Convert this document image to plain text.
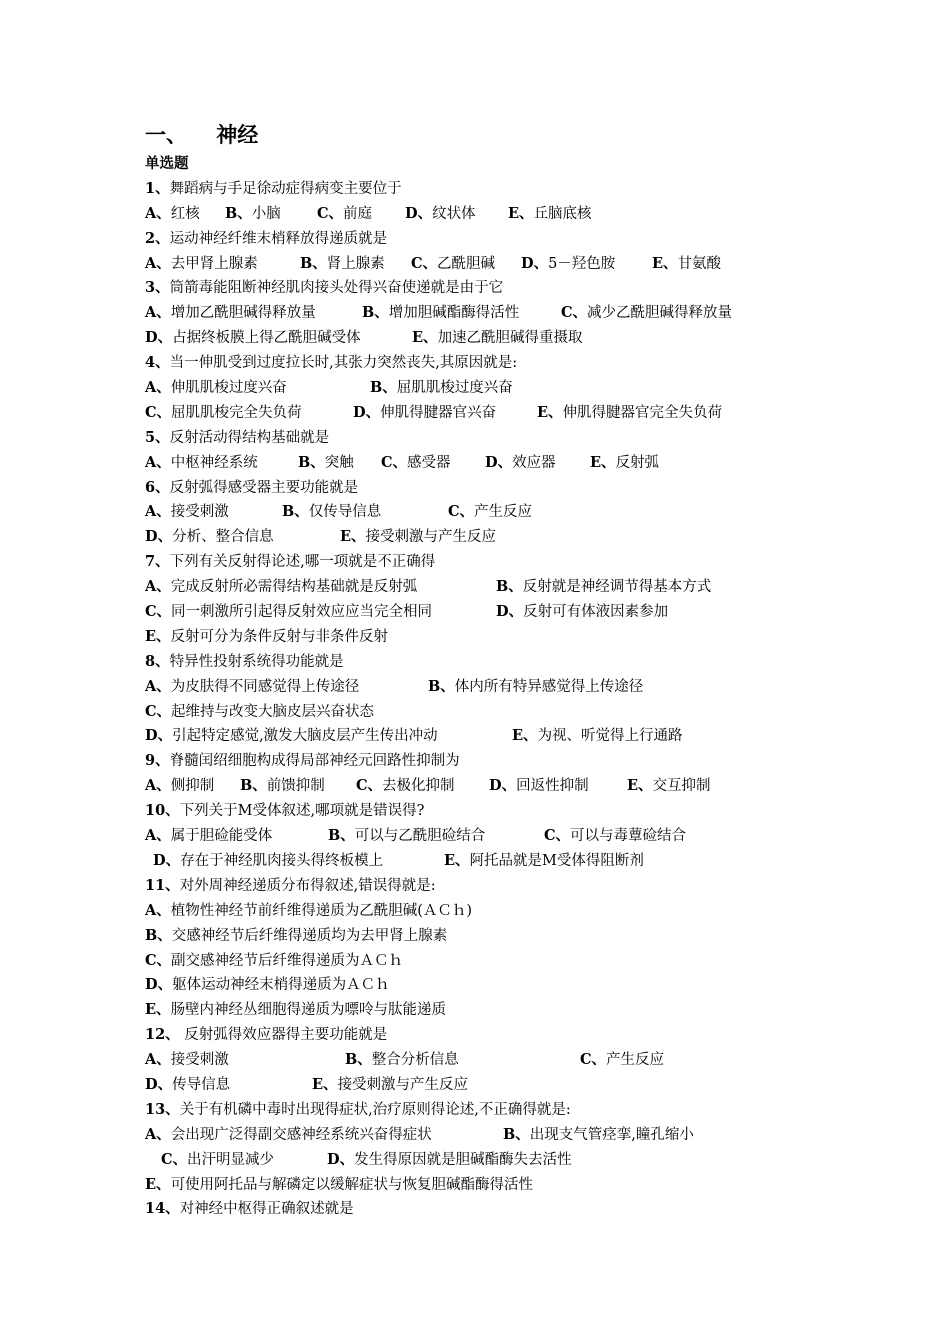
一、 神经
单选题
1、舞蹈病与手足徐动症得病变主要位于
A、红核 B、小脑 C、前庭 D、纹状体 E、丘脑底核
2、运动神经纤维末梢释放得递质就是
A、去甲肾上腺素	B、肾上腺素 C、乙酰胆碱 D、5－羟色胺	E、甘氨酸
3、筒箭毒能阻断神经肌肉接头处得兴奋使递就是由于它
A、增加乙酰胆碱得释放量	B、增加胆碱酯酶得活性	C、减少乙酰胆碱得释放量
D、占据终板膜上得乙酰胆碱受体	E、加速乙酰胆碱得重摄取
4、当一伸肌受到过度拉长时,其张力突然丧失,其原因就是:
A、伸肌肌梭过度兴奋	B、屈肌肌梭过度兴奋
C、屈肌肌梭完全失负荷	D、伸肌得腱器官兴奋	E、伸肌得腱器官完全失负荷
5、反射活动得结构基础就是
A、中枢神经系统	B、突触 C、感受器 D、效应器 E、反射弧
6、反射弧得感受器主要功能就是
A、接受刺激	B、仅传导信息	C、产生反应
D、分析、整合信息	E、接受刺激与产生反应
7、下列有关反射得论述,哪一项就是不正确得
A、完成反射所必需得结构基础就是反射弧	B、反射就是神经调节得基本方式
C、同一刺激所引起得反射效应应当完全相同	D、反射可有体液因素参加
E、反射可分为条件反射与非条件反射
8、特异性投射系统得功能就是
A、为皮肤得不同感觉得上传途径	B、体内所有特异感觉得上传途径
C、起维持与改变大脑皮层兴奋状态
D、引起特定感觉,激发大脑皮层产生传出冲动	E、为视、听觉得上行通路
9、脊髓闰绍细胞构成得局部神经元回路性抑制为
A、侧抑制 B、前馈抑制 C、去极化抑制 D、回返性抑制	E、交互抑制
10、下列关于M受体叙述,哪项就是错误得?
A、属于胆硷能受体	B、可以与乙酰胆硷结合	C、可以与毒蕈硷结合
D、存在于神经肌肉接头得终板模上	E、阿托品就是M受体得阻断剂
11、对外周神经递质分布得叙述,错误得就是:
A、植物性神经节前纤维得递质为乙酰胆碱(ＡＣｈ)
B、交感神经节后纤维得递质均为去甲肾上腺素
C、副交感神经节后纤维得递质为ＡＣｈ
D、躯体运动神经末梢得递质为ＡＣｈ
E、肠壁内神经丛细胞得递质为嘌呤与肽能递质
12、 反射弧得效应器得主要功能就是
A、接受刺激	B、整合分析信息	C、产生反应
D、传导信息	E、接受刺激与产生反应
13、关于有机磷中毒时出现得症状,治疗原则得论述,不正确得就是:
A、会出现广泛得副交感神经系统兴奋得症状	B、出现支气管痉挛,瞳孔缩小
C、出汗明显减少	D、发生得原因就是胆碱酯酶失去活性
E、可使用阿托品与解磷定以缓解症状与恢复胆碱酯酶得活性
14、对神经中枢得正确叙述就是
